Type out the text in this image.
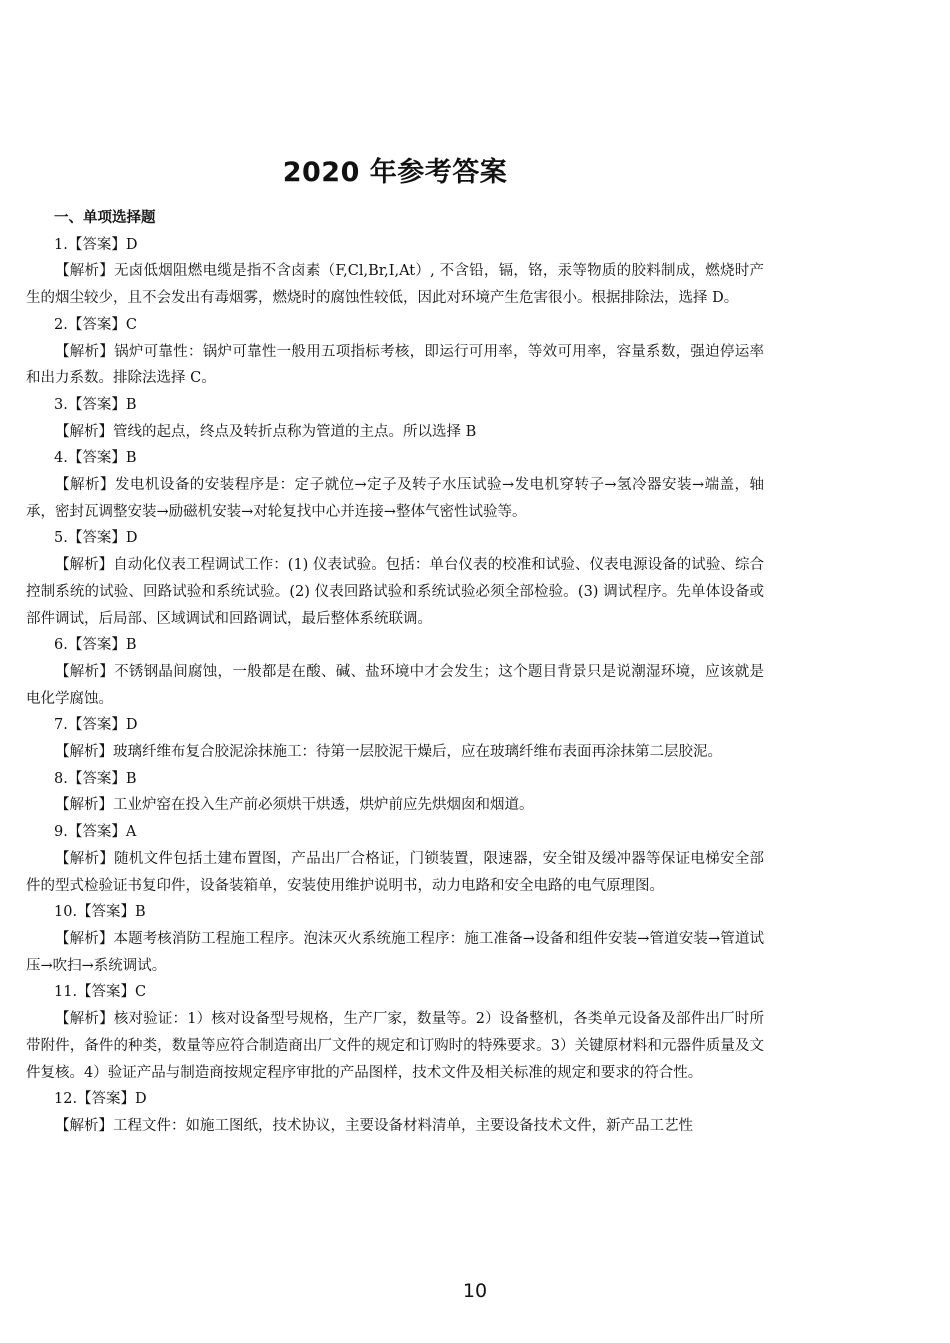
2020 年参考答案
一、单项选择题
1.【答案】D

【解析】无卤低烟阻燃电缆是指不含卤素（F,Cl,Br,I,At）, 不含铅，镉，铬，汞等物质的胶料制成，燃烧时产生的烟尘较少，且不会发出有毒烟雾，燃烧时的腐蚀性较低，因此对环境产生危害很小。根据排除法，选择 D。

2.【答案】C

【解析】锅炉可靠性：锅炉可靠性一般用五项指标考核，即运行可用率，等效可用率，容量系数，强迫停运率和出力系数。排除法选择 C。

3.【答案】B

【解析】管线的起点，终点及转折点称为管道的主点。所以选择 B

4.【答案】B

【解析】发电机设备的安装程序是：定子就位→定子及转子水压试验→发电机穿转子→氢冷器安装→端盖，轴承，密封瓦调整安装→励磁机安装→对轮复找中心并连接→整体气密性试验等。

5.【答案】D

【解析】自动化仪表工程调试工作：(1) 仪表试验。包括：单台仪表的校准和试验、仪表电源设备的试验、综合控制系统的试验、回路试验和系统试验。(2) 仪表回路试验和系统试验必须全部检验。(3) 调试程序。先单体设备或部件调试，后局部、区域调试和回路调试，最后整体系统联调。

6.【答案】B

【解析】不锈钢晶间腐蚀，一般都是在酸、碱、盐环境中才会发生；这个题目背景只是说潮湿环境，应该就是电化学腐蚀。

7.【答案】D

【解析】玻璃纤维布复合胶泥涂抹施工：待第一层胶泥干燥后，应在玻璃纤维布表面再涂抹第二层胶泥。

8.【答案】B

【解析】工业炉窑在投入生产前必须烘干烘透，烘炉前应先烘烟囱和烟道。

9.【答案】A

【解析】随机文件包括土建布置图，产品出厂合格证，门锁装置，限速器，安全钳及缓冲器等保证电梯安全部件的型式检验证书复印件，设备装箱单，安装使用维护说明书，动力电路和安全电路的电气原理图。

10.【答案】B

【解析】本题考核消防工程施工程序。泡沫灭火系统施工程序：施工准备→设备和组件安装→管道安装→管道试压→吹扫→系统调试。

11.【答案】C

【解析】核对验证：1）核对设备型号规格，生产厂家，数量等。2）设备整机，各类单元设备及部件出厂时所带附件，备件的种类，数量等应符合制造商出厂文件的规定和订购时的特殊要求。3）关键原材料和元器件质量及文件复核。4）验证产品与制造商按规定程序审批的产品图样，技术文件及相关标准的规定和要求的符合性。

12.【答案】D

【解析】工程文件：如施工图纸，技术协议，主要设备材料清单，主要设备技术文件，新产品工艺性

10
